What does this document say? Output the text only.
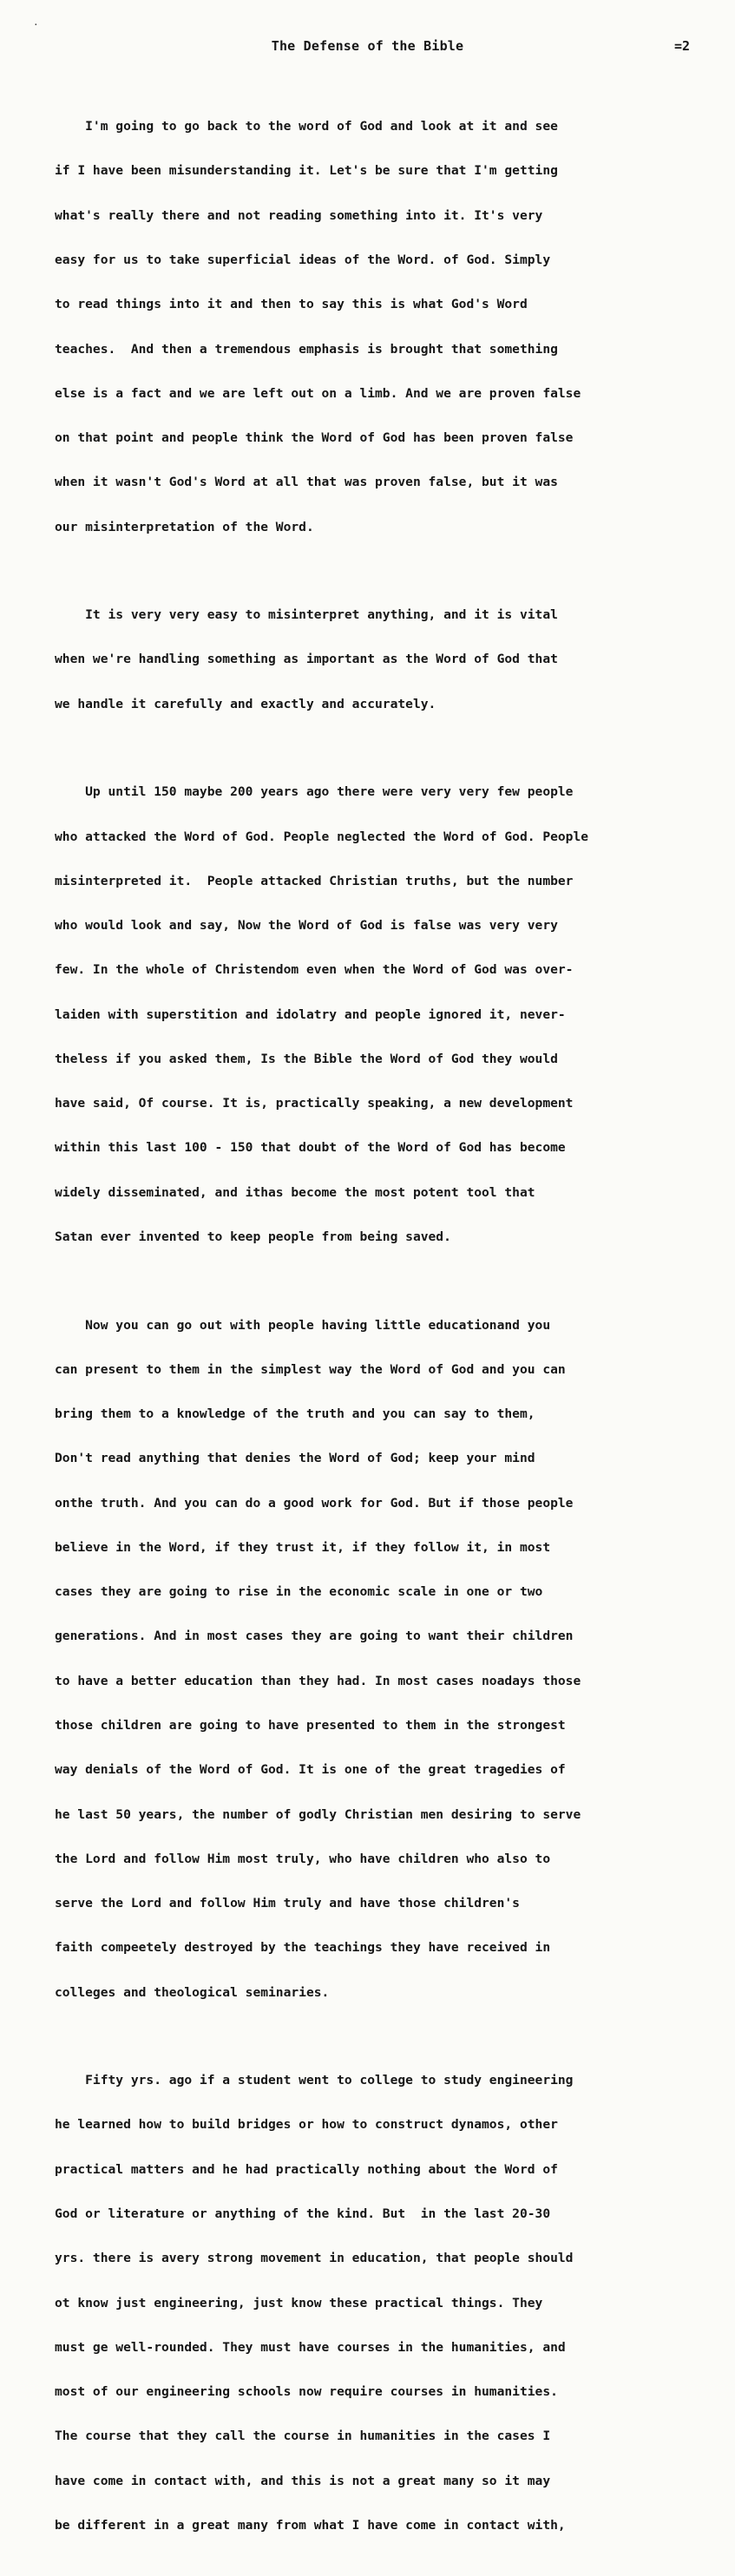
·
The Defense of the Bible	=2

I'm going to go back to the word of God and look at it and see

if I have been misunderstanding it. Let's be sure that I'm getting

what's really there and not reading something into it. It's very

easy for us to take superficial ideas of the Word. of God. Simply

to read things into it and then to say this is what God's Word

teaches.  And then a tremendous emphasis is brought that something

else is a fact and we are left out on a limb. And we are proven false

on that point and people think the Word of God has been proven false

when it wasn't God's Word at all that was proven false, but it was

our misinterpretation of the Word.

It is very very easy to misinterpret anything, and it is vital

when we're handling something as important as the Word of God that

we handle it carefully and exactly and accurately.

Up until 150 maybe 200 years ago there were very very few people

who attacked the Word of God. People neglected the Word of God. People

misinterpreted it.  People attacked Christian truths, but the number

who would look and say, Now the Word of God is false was very very

few. In the whole of Christendom even when the Word of God was over-

laiden with superstition and idolatry and people ignored it, never-

theless if you asked them, Is the Bible the Word of God they would

have said, Of course. It is, practically speaking, a new development

within this last 100 - 150 that doubt of the Word of God has become

widely disseminated, and ithas become the most potent tool that

Satan ever invented to keep people from being saved.

Now you can go out with people having little educationand you

can present to them in the simplest way the Word of God and you can

bring them to a knowledge of the truth and you can say to them,

Don't read anything that denies the Word of God; keep your mind

onthe truth. And you can do a good work for God. But if those people

believe in the Word, if they trust it, if they follow it, in most

cases they are going to rise in the economic scale in one or two

generations. And in most cases they are going to want their children

to have a better education than they had. In most cases noadays those

those children are going to have presented to them in the strongest

way denials of the Word of God. It is one of the great tragedies of

he last 50 years, the number of godly Christian men desiring to serve

the Lord and follow Him most truly, who have children who also to

serve the Lord and follow Him truly and have those children's

faith compeetely destroyed by the teachings they have received in

colleges and theological seminaries.

Fifty yrs. ago if a student went to college to study engineering

he learned how to build bridges or how to construct dynamos, other

practical matters and he had practically nothing about the Word of

God or literature or anything of the kind. But  in the last 20-30

yrs. there is avery strong movement in education, that people should

ot know just engineering, just know these practical things. They

must ge well-rounded. They must have courses in the humanities, and

most of our engineering schools now require courses in humanities.

The course that they call the course in humanities in the cases I

have come in contact with, and this is not a great many so it may

be different in a great many from what I have come in contact with,
